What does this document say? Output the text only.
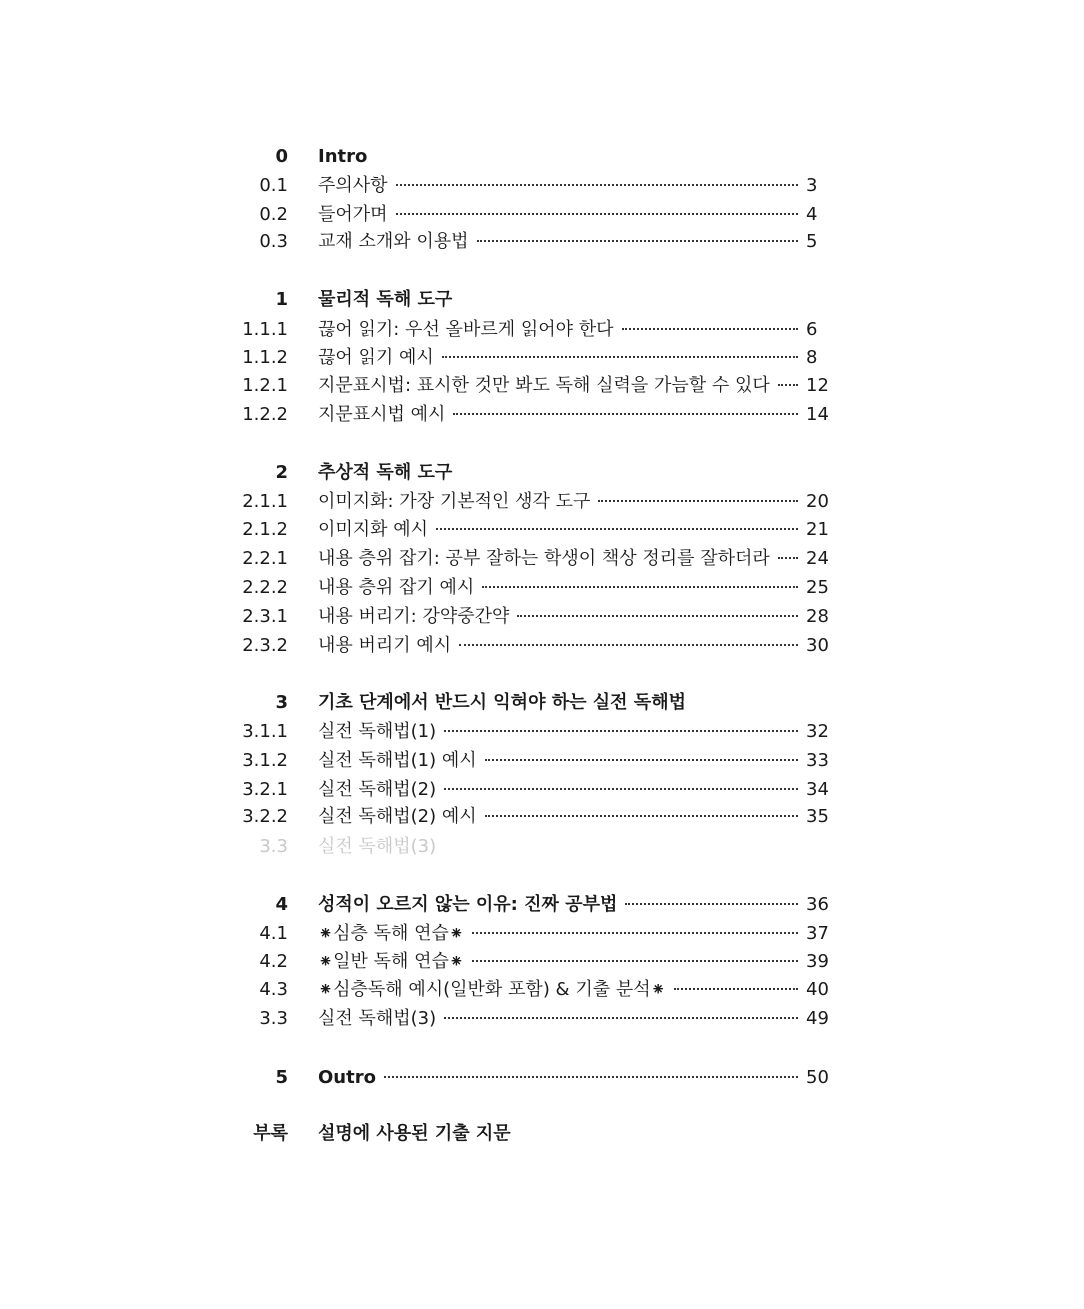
0 Intro
0.1 주의사항	3
0.2 들어가며	4
0.3 교재 소개와 이용법	5
1 물리적 독해 도구
1.1.1 끊어 읽기: 우선 올바르게 읽어야 한다	6
1.1.2 끊어 읽기 예시	8
1.2.1 지문표시법: 표시한 것만 봐도 독해 실력을 가늠할 수 있다 12
1.2.2 지문표시법 예시	14
2 추상적 독해 도구
2.1.1 이미지화: 가장 기본적인 생각 도구	20
2.1.2 이미지화 예시	21
2.2.1 내용 층위 잡기: 공부 잘하는 학생이 책상 정리를 잘하더라 24
2.2.2 내용 층위 잡기 예시	25
2.3.1 내용 버리기: 강약중간약	28
2.3.2 내용 버리기 예시	30
3 기초 단계에서 반드시 익혀야 하는 실전 독해법
3.1.1 실전 독해법(1)	32
3.1.2 실전 독해법(1) 예시	33
3.2.1 실전 독해법(2)	34
3.2.2 실전 독해법(2) 예시	35
3.3 실전 독해법(3)
4 성적이 오르지 않는 이유: 진짜 공부법	36
4.1 ⁕심층 독해 연습⁕	37
4.2 ⁕일반 독해 연습⁕	39
4.3 ⁕심층독해 예시(일반화 포함) & 기출 분석⁕	40
3.3 실전 독해법(3)	49
5 Outro	50
부록 설명에 사용된 기출 지문
